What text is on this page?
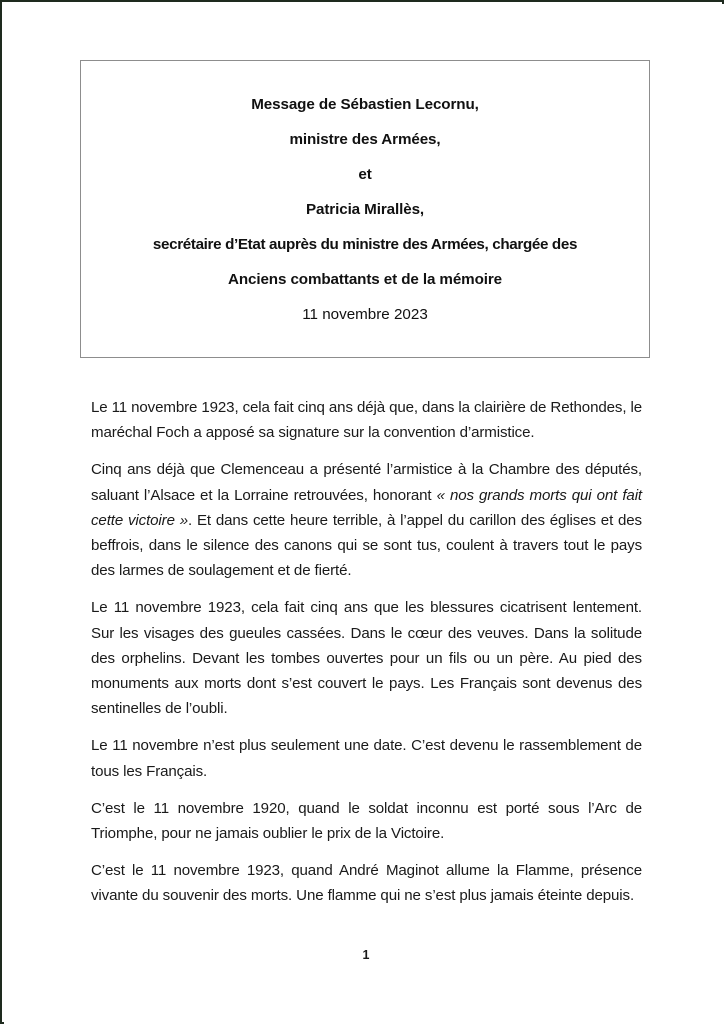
Message de Sébastien Lecornu,
ministre des Armées,
et
Patricia Mirallès,
secrétaire d’Etat auprès du ministre des Armées, chargée des
Anciens combattants et de la mémoire
11 novembre 2023

Le 11 novembre 1923, cela fait cinq ans déjà que, dans la clairière de Rethondes, le maréchal Foch a apposé sa signature sur la convention d’armistice.

Cinq ans déjà que Clemenceau a présenté l’armistice à la Chambre des députés, saluant l’Alsace et la Lorraine retrouvées, honorant « nos grands morts qui ont fait cette victoire ». Et dans cette heure terrible, à l’appel du carillon des églises et des beffrois, dans le silence des canons qui se sont tus, coulent à travers tout le pays des larmes de soulagement et de fierté.

Le 11 novembre 1923, cela fait cinq ans que les blessures cicatrisent lentement. Sur les visages des gueules cassées. Dans le cœur des veuves. Dans la solitude des orphelins. Devant les tombes ouvertes pour un fils ou un père. Au pied des monuments aux morts dont s’est couvert le pays. Les Français sont devenus des sentinelles de l’oubli.

Le 11 novembre n’est plus seulement une date. C’est devenu le rassemblement de tous les Français.

C’est le 11 novembre 1920, quand le soldat inconnu est porté sous l’Arc de Triomphe, pour ne jamais oublier le prix de la Victoire.

C’est le 11 novembre 1923, quand André Maginot allume la Flamme, présence vivante du souvenir des morts. Une flamme qui ne s’est plus jamais éteinte depuis.

1
